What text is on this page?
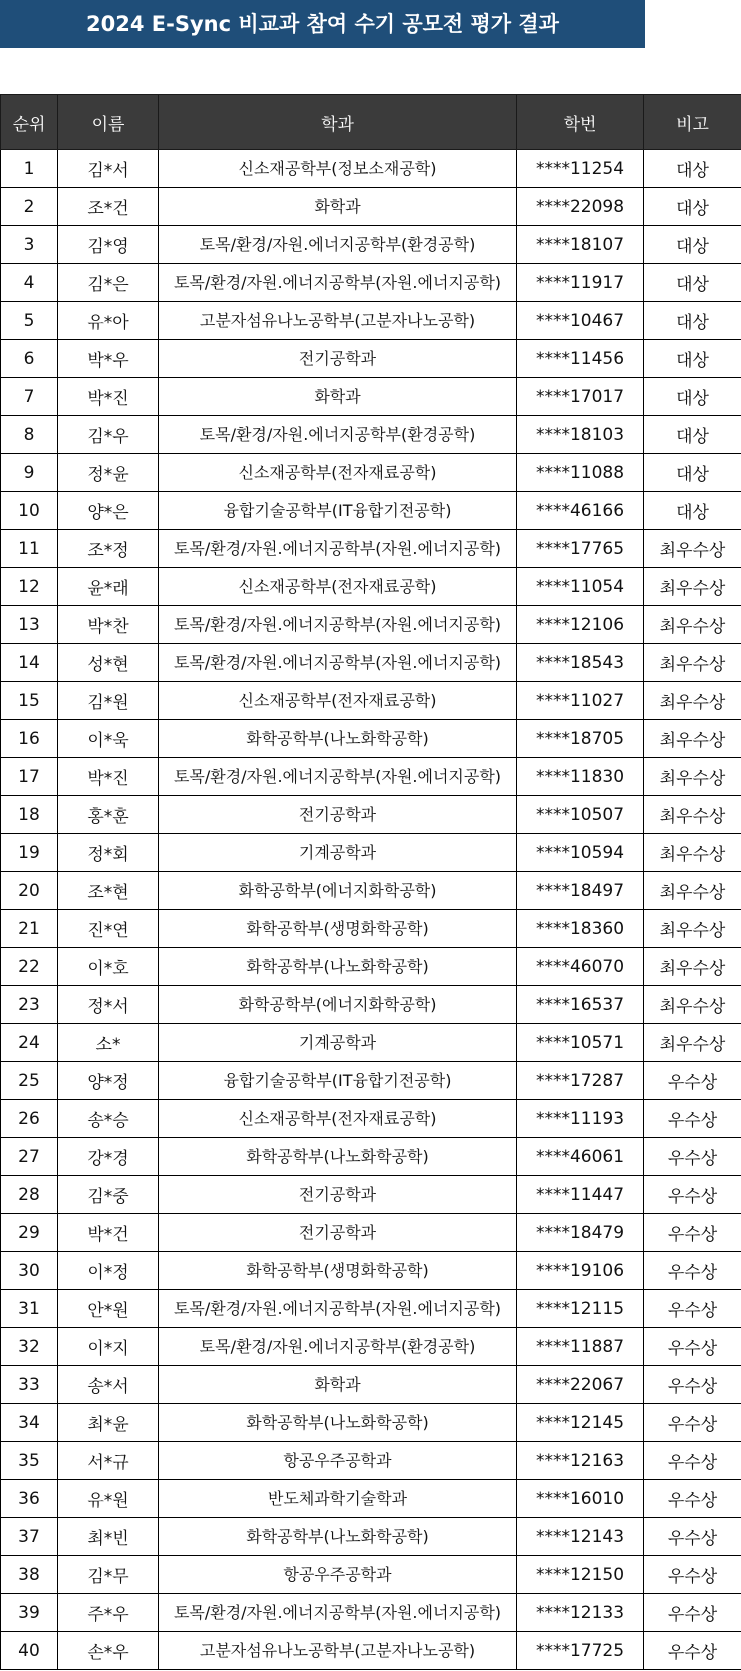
2024 E-Sync 비교과 참여 수기 공모전 평가 결과
순위	이름	학과	학번	비고
1	김*서	신소재공학부(정보소재공학)	****11254	대상
2	조*건	화학과	****22098	대상
3	김*영	토목/환경/자원.에너지공학부(환경공학)	****18107	대상
4	김*은	토목/환경/자원.에너지공학부(자원.에너지공학)	****11917	대상
5	유*아	고분자섬유나노공학부(고분자나노공학)	****10467	대상
6	박*우	전기공학과	****11456	대상
7	박*진	화학과	****17017	대상
8	김*우	토목/환경/자원.에너지공학부(환경공학)	****18103	대상
9	정*윤	신소재공학부(전자재료공학)	****11088	대상
10	양*은	융합기술공학부(IT융합기전공학)	****46166	대상
11	조*정	토목/환경/자원.에너지공학부(자원.에너지공학)	****17765	최우수상
12	윤*래	신소재공학부(전자재료공학)	****11054	최우수상
13	박*찬	토목/환경/자원.에너지공학부(자원.에너지공학)	****12106	최우수상
14	성*현	토목/환경/자원.에너지공학부(자원.에너지공학)	****18543	최우수상
15	김*원	신소재공학부(전자재료공학)	****11027	최우수상
16	이*욱	화학공학부(나노화학공학)	****18705	최우수상
17	박*진	토목/환경/자원.에너지공학부(자원.에너지공학)	****11830	최우수상
18	홍*훈	전기공학과	****10507	최우수상
19	정*회	기계공학과	****10594	최우수상
20	조*현	화학공학부(에너지화학공학)	****18497	최우수상
21	진*연	화학공학부(생명화학공학)	****18360	최우수상
22	이*호	화학공학부(나노화학공학)	****46070	최우수상
23	정*서	화학공학부(에너지화학공학)	****16537	최우수상
24	소*	기계공학과	****10571	최우수상
25	양*정	융합기술공학부(IT융합기전공학)	****17287	우수상
26	송*승	신소재공학부(전자재료공학)	****11193	우수상
27	강*경	화학공학부(나노화학공학)	****46061	우수상
28	김*중	전기공학과	****11447	우수상
29	박*건	전기공학과	****18479	우수상
30	이*정	화학공학부(생명화학공학)	****19106	우수상
31	안*원	토목/환경/자원.에너지공학부(자원.에너지공학)	****12115	우수상
32	이*지	토목/환경/자원.에너지공학부(환경공학)	****11887	우수상
33	송*서	화학과	****22067	우수상
34	최*윤	화학공학부(나노화학공학)	****12145	우수상
35	서*규	항공우주공학과	****12163	우수상
36	유*원	반도체과학기술학과	****16010	우수상
37	최*빈	화학공학부(나노화학공학)	****12143	우수상
38	김*무	항공우주공학과	****12150	우수상
39	주*우	토목/환경/자원.에너지공학부(자원.에너지공학)	****12133	우수상
40	손*우	고분자섬유나노공학부(고분자나노공학)	****17725	우수상
